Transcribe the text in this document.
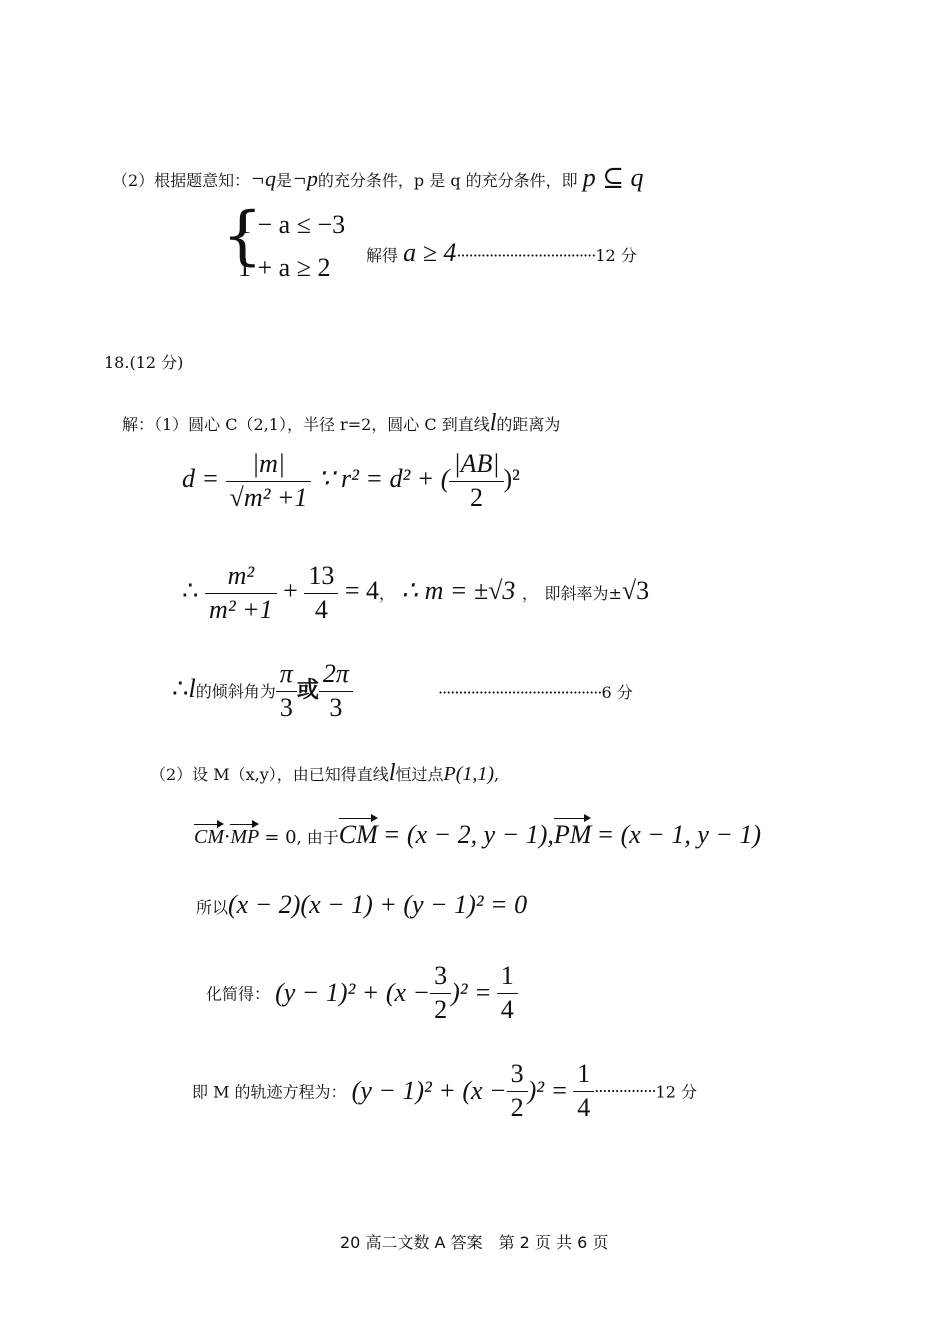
（2）根据题意知：¬q是¬p的充分条件，p 是 q 的充分条件，即 p ⊆ q
{
1 − a ≤ −3
1 + a ≥ 2 解得 a ≥ 4··································12 分
18.(12 分)
解：（1）圆心 C（2,1），半径 r=2，圆心 C 到直线l的距离为
$d = \frac{|m|}{\text{√m² +1}}$ ∵ r² = d² + ( $\frac{|AB|}{2} )^2$
∴ $\frac{\text{m²}}{\text{m² +1}} + \frac{13}{4} = 4$， ∴ m = ±√3 ， 即斜率为±√3
∴l的倾斜角为 $\frac{\pi}{3}$ 或 $\frac{2\pi}{3}$	········································6 分
（2）设 M（x,y），由已知得直线l恒过点P(1,1),
CM·MP = 0, 由于CM = (x − 2, y − 1),PM = (x − 1, y − 1)
所以(x − 2)(x − 1) + (y − 1)² = 0
化简得： $(y - 1)^2 + (x - \frac{3}{2} )^2 = \frac{1}{4}$
即 M 的轨迹方程为： $(y - 1)^2 + (x - \frac{3}{2} )^2 = \frac{1}{4} \cdot\cdot\cdot\cdot\cdot\cdot\cdot\cdot\cdot\cdot\cdot\cdot\cdot\cdot\cdot 12$ 分
20 高二文数 A 答案　第 2 页 共 6 页
